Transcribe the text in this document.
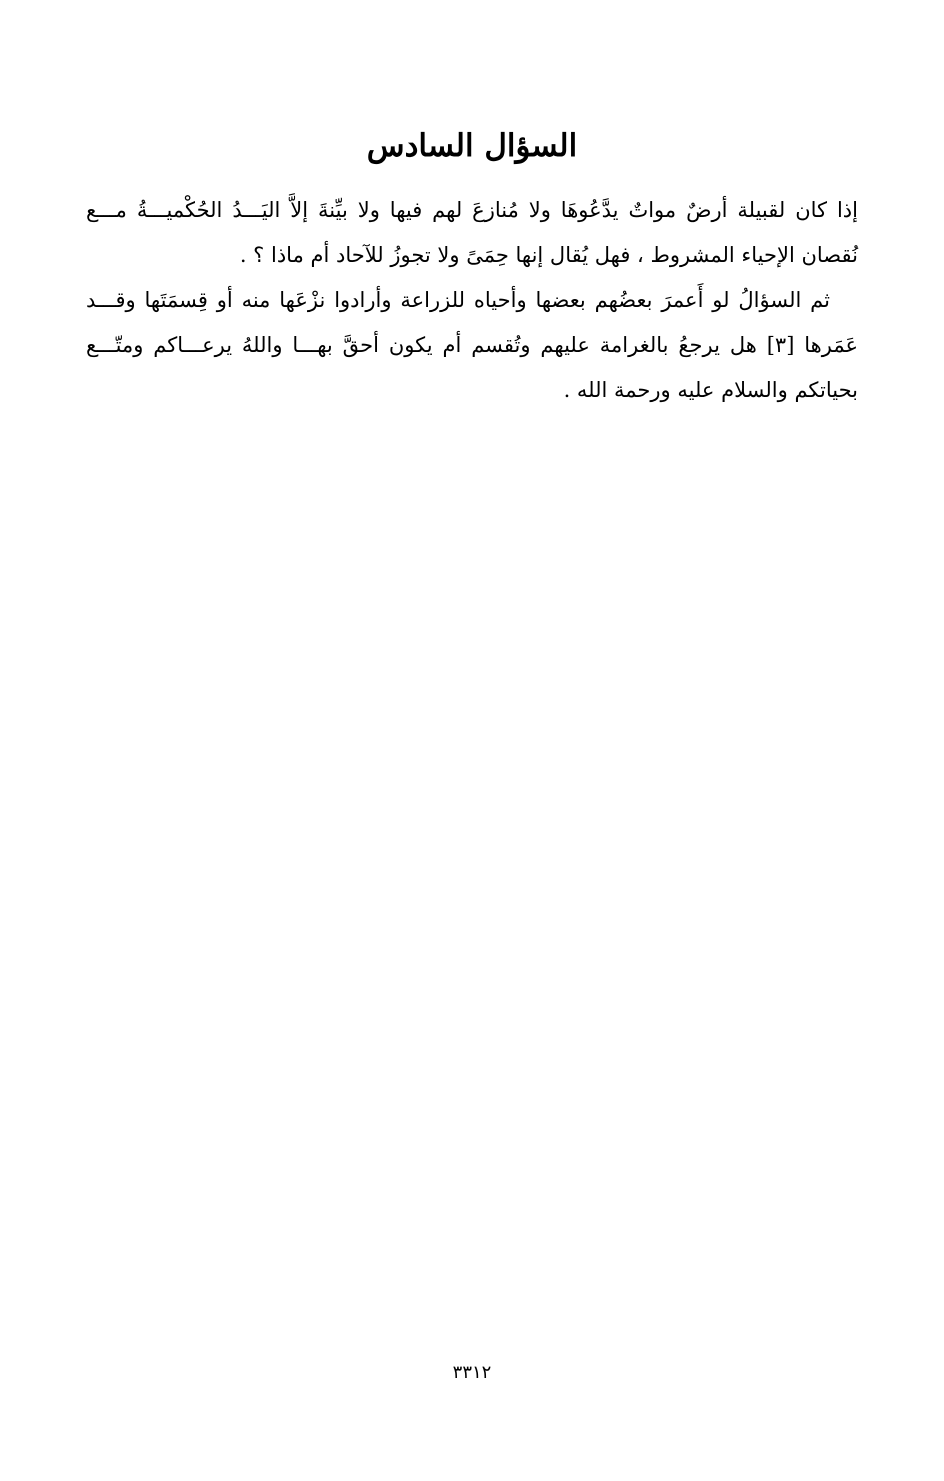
السؤال السادس

إذا كان لقبيلة أرضٌ مواتٌ يدَّعُوهَا ولا مُنازعَ لهم فيها ولا بيِّنةَ إلاَّ اليَـــدُ الحُكْميـــةُ مـــع نُقصان الإحياء المشروط ، فهل يُقال إنها حِمَىً ولا تجوزُ للآحاد أم ماذا ؟ .

ثم السؤالُ لو أَعمرَ بعضُهم بعضها وأحياه للزراعة وأرادوا نزْعَها منه أو قِسمَتَها وقـــد عَمَرها [٣] هل يرجعُ بالغرامة عليهم وتُقسم أم يكون أحقَّ بهـــا واللهُ يرعـــاكم ومتّـــع بحياتكم والسلام عليه ورحمة الله .

٣٣١٢
